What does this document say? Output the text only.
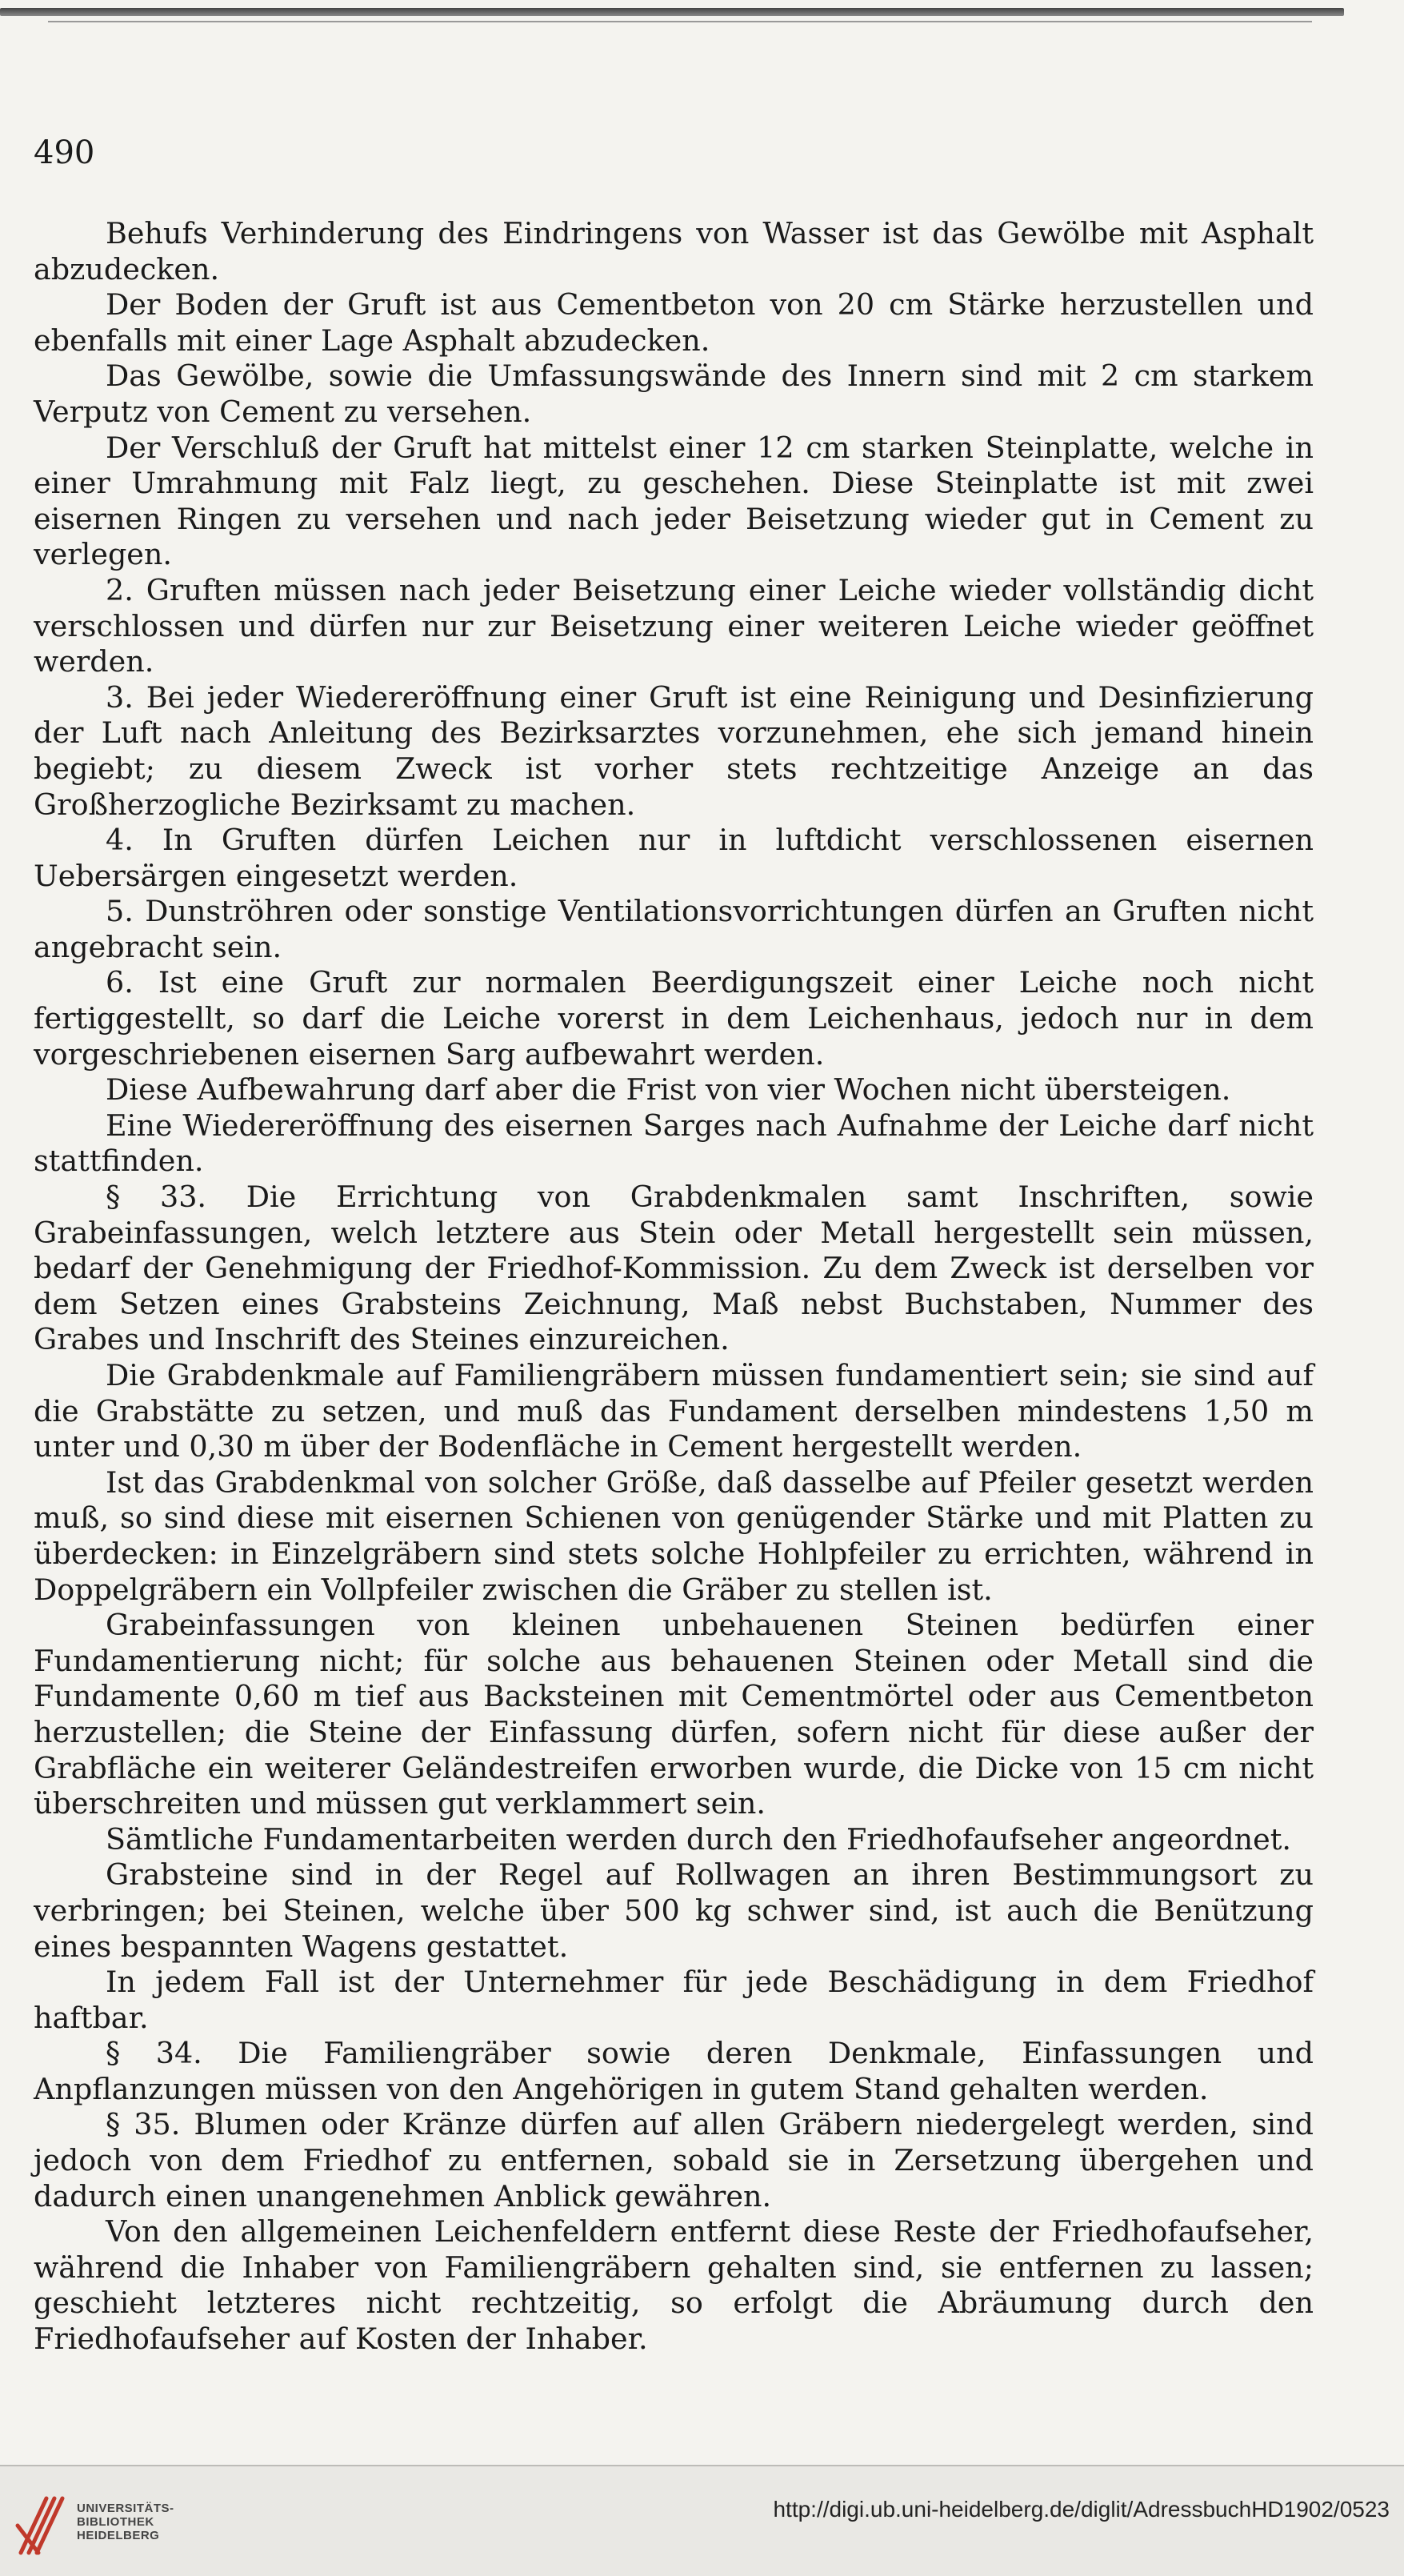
490

Behufs Verhinderung des Eindringens von Wasser ist das Gewölbe mit Asphalt abzudecken.

Der Boden der Gruft ist aus Cementbeton von 20 cm Stärke herzustellen und ebenfalls mit einer Lage Asphalt abzudecken.

Das Gewölbe, sowie die Umfassungswände des Innern sind mit 2 cm starkem Verputz von Cement zu versehen.

Der Verschluß der Gruft hat mittelst einer 12 cm starken Steinplatte, welche in einer Umrahmung mit Falz liegt, zu geschehen. Diese Steinplatte ist mit zwei eisernen Ringen zu versehen und nach jeder Beisetzung wieder gut in Cement zu verlegen.

2. Gruften müssen nach jeder Beisetzung einer Leiche wieder vollständig dicht verschlossen und dürfen nur zur Beisetzung einer weiteren Leiche wieder geöffnet werden.

3. Bei jeder Wiedereröffnung einer Gruft ist eine Reinigung und Desinfizierung der Luft nach Anleitung des Bezirksarztes vorzunehmen, ehe sich jemand hinein begiebt; zu diesem Zweck ist vorher stets rechtzeitige Anzeige an das Großherzogliche Bezirksamt zu machen.

4. In Gruften dürfen Leichen nur in luftdicht verschlossenen eisernen Uebersärgen eingesetzt werden.

5. Dunströhren oder sonstige Ventilationsvorrichtungen dürfen an Gruften nicht angebracht sein.

6. Ist eine Gruft zur normalen Beerdigungszeit einer Leiche noch nicht fertiggestellt, so darf die Leiche vorerst in dem Leichenhaus, jedoch nur in dem vorgeschriebenen eisernen Sarg aufbewahrt werden.

Diese Aufbewahrung darf aber die Frist von vier Wochen nicht übersteigen.

Eine Wiedereröffnung des eisernen Sarges nach Aufnahme der Leiche darf nicht stattfinden.

§ 33. Die Errichtung von Grabdenkmalen samt Inschriften, sowie Grabeinfassungen, welch letztere aus Stein oder Metall hergestellt sein müssen, bedarf der Genehmigung der Friedhof-Kommission. Zu dem Zweck ist derselben vor dem Setzen eines Grabsteins Zeichnung, Maß nebst Buchstaben, Nummer des Grabes und Inschrift des Steines einzureichen.

Die Grabdenkmale auf Familiengräbern müssen fundamentiert sein; sie sind auf die Grabstätte zu setzen, und muß das Fundament derselben mindestens 1,50 m unter und 0,30 m über der Bodenfläche in Cement hergestellt werden.

Ist das Grabdenkmal von solcher Größe, daß dasselbe auf Pfeiler gesetzt werden muß, so sind diese mit eisernen Schienen von genügender Stärke und mit Platten zu überdecken: in Einzelgräbern sind stets solche Hohlpfeiler zu errichten, während in Doppelgräbern ein Vollpfeiler zwischen die Gräber zu stellen ist.

Grabeinfassungen von kleinen unbehauenen Steinen bedürfen einer Fundamentierung nicht; für solche aus behauenen Steinen oder Metall sind die Fundamente 0,60 m tief aus Backsteinen mit Cementmörtel oder aus Cementbeton herzustellen; die Steine der Einfassung dürfen, sofern nicht für diese außer der Grabfläche ein weiterer Geländestreifen erworben wurde, die Dicke von 15 cm nicht überschreiten und müssen gut verklammert sein.

Sämtliche Fundamentarbeiten werden durch den Friedhofaufseher angeordnet.

Grabsteine sind in der Regel auf Rollwagen an ihren Bestimmungsort zu verbringen; bei Steinen, welche über 500 kg schwer sind, ist auch die Benützung eines bespannten Wagens gestattet.

In jedem Fall ist der Unternehmer für jede Beschädigung in dem Friedhof haftbar.

§ 34. Die Familiengräber sowie deren Denkmale, Einfassungen und Anpflanzungen müssen von den Angehörigen in gutem Stand gehalten werden.

§ 35. Blumen oder Kränze dürfen auf allen Gräbern niedergelegt werden, sind jedoch von dem Friedhof zu entfernen, sobald sie in Zersetzung übergehen und dadurch einen unangenehmen Anblick gewähren.

Von den allgemeinen Leichenfeldern entfernt diese Reste der Friedhofaufseher, während die Inhaber von Familiengräbern gehalten sind, sie entfernen zu lassen; geschieht letzteres nicht rechtzeitig, so erfolgt die Abräumung durch den Friedhofaufseher auf Kosten der Inhaber.

UNIVERSITÄTS-
BIBLIOTHEK
HEIDELBERG
http://digi.ub.uni-heidelberg.de/diglit/AdressbuchHD1902/0523
